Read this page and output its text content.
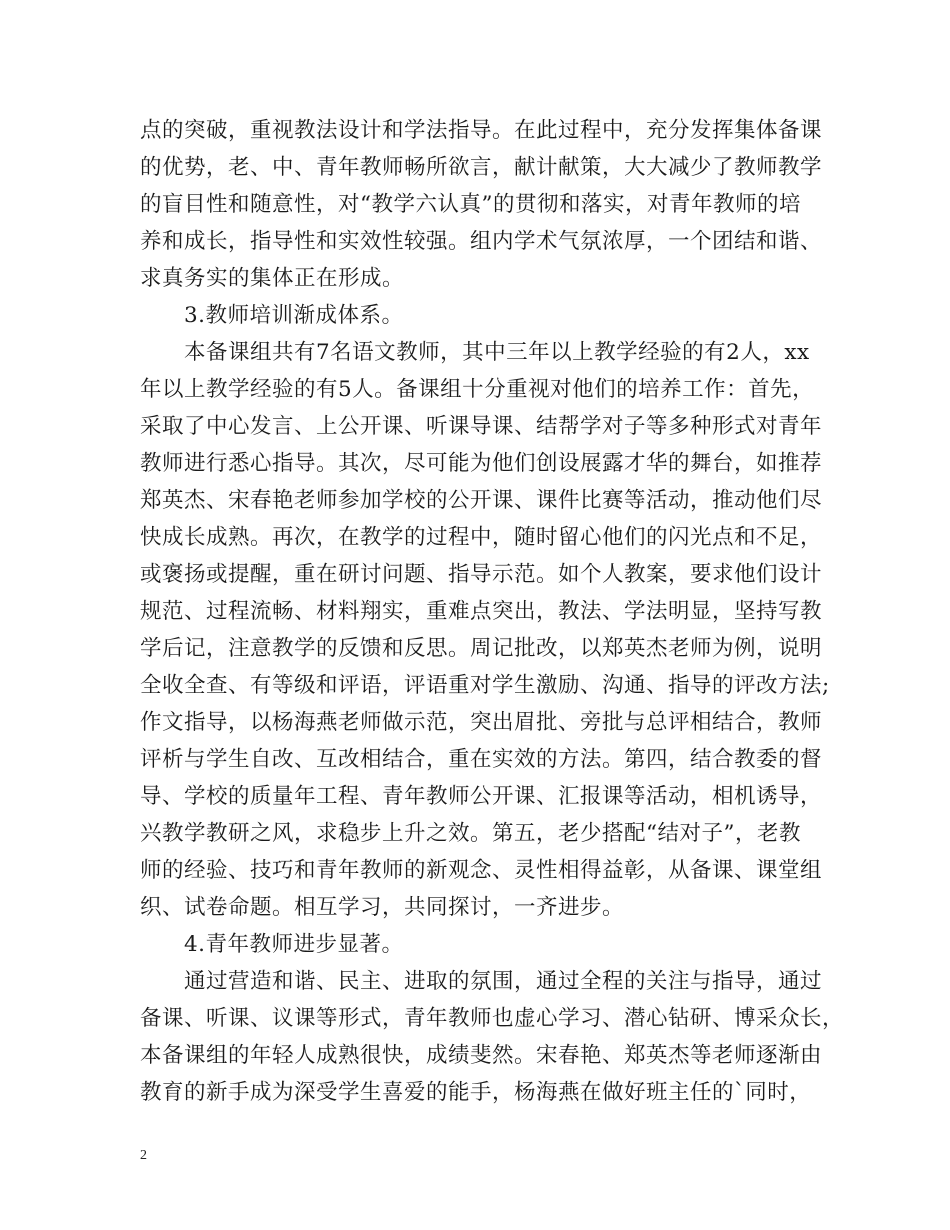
点的突破，重视教法设计和学法指导。在此过程中，充分发挥集体备课
的优势，老、中、青年教师畅所欲言，献计献策，大大减少了教师教学
的盲目性和随意性，对“教学六认真”的贯彻和落实，对青年教师的培
养和成长，指导性和实效性较强。组内学术气氛浓厚，一个团结和谐、
求真务实的集体正在形成。
3.教师培训渐成体系。
本备课组共有7名语文教师，其中三年以上教学经验的有2人，xx
年以上教学经验的有5人。备课组十分重视对他们的培养工作：首先，
采取了中心发言、上公开课、听课导课、结帮学对子等多种形式对青年
教师进行悉心指导。其次，尽可能为他们创设展露才华的舞台，如推荐
郑英杰、宋春艳老师参加学校的公开课、课件比赛等活动，推动他们尽
快成长成熟。再次，在教学的过程中，随时留心他们的闪光点和不足，
或褒扬或提醒，重在研讨问题、指导示范。如个人教案，要求他们设计
规范、过程流畅、材料翔实，重难点突出，教法、学法明显，坚持写教
学后记，注意教学的反馈和反思。周记批改，以郑英杰老师为例，说明
全收全查、有等级和评语，评语重对学生激励、沟通、指导的评改方法;
作文指导，以杨海燕老师做示范，突出眉批、旁批与总评相结合，教师
评析与学生自改、互改相结合，重在实效的方法。第四，结合教委的督
导、学校的质量年工程、青年教师公开课、汇报课等活动，相机诱导，
兴教学教研之风，求稳步上升之效。第五，老少搭配“结对子”，老教
师的经验、技巧和青年教师的新观念、灵性相得益彰，从备课、课堂组
织、试卷命题。相互学习，共同探讨，一齐进步。
4.青年教师进步显著。
通过营造和谐、民主、进取的氛围，通过全程的关注与指导，通过
备课、听课、议课等形式，青年教师也虚心学习、潜心钻研、博采众长，
本备课组的年轻人成熟很快，成绩斐然。宋春艳、郑英杰等老师逐渐由
教育的新手成为深受学生喜爱的能手，杨海燕在做好班主任的`同时，
2
